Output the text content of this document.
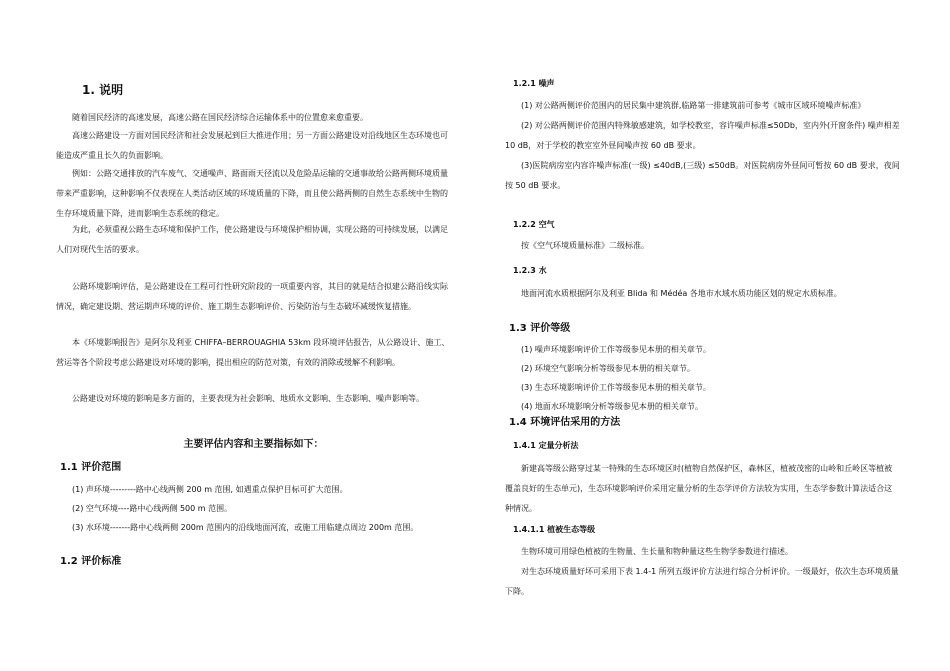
1. 说明

随着国民经济的高速发展，高速公路在国民经济综合运输体系中的位置愈来愈重要。

高速公路建设一方面对国民经济和社会发展起到巨大推进作用；另一方面公路建设对沿线地区生态环境也可能造成严重且长久的负面影响。

例如：公路交通排放的汽车废气、交通噪声、路面雨天径流以及危险品运输的交通事故给公路两侧环境质量带来严重影响，这种影响不仅表现在人类活动区域的环境质量的下降，而且使公路两侧的自然生态系统中生物的生存环境质量下降，进而影响生态系统的稳定。

为此，必须重视公路生态环境和保护工作，使公路建设与环境保护相协调，实现公路的可持续发展，以满足人们对现代生活的要求。

公路环境影响评估，是公路建设在工程可行性研究阶段的一项重要内容，其目的就是结合拟建公路沿线实际情况，确定建设期、营运期声环境的评价、施工期生态影响评价、污染防治与生态破坏减缓恢复措施。

本《环境影响报告》是阿尔及利亚 CHIFFA–BERROUAGHIA 53km 段环境评估报告，从公路设计、施工、营运等各个阶段考虑公路建设对环境的影响，提出相应的防范对策，有效的消除或缓解不利影响。

公路建设对环境的影响是多方面的，主要表现为社会影响、地质水文影响、生态影响、噪声影响等。

主要评估内容和主要指标如下：

1.1 评价范围

(1) 声环境---------路中心线两侧 200 m 范围, 如遇重点保护目标可扩大范围。

(2) 空气环境----路中心线两侧 500 m 范围。

(3) 水环境-------路中心线两侧 200m 范围内的沿线地面河流，或施工用临建点周边 200m 范围。

1.2 评价标准

1.2.1 噪声

(1) 对公路两侧评价范围内的居民集中建筑群,临路第一排建筑前可参考《城市区域环境噪声标准》

(2) 对公路两侧评价范围内特殊敏感建筑，如学校教室，容许噪声标准≤50Db，室内外(开窗条件) 噪声相差 10 dB，对于学校的教室室外昼间噪声按 60 dB 要求。

(3)医院病房室内容许噪声标准(一级) ≤40dB,(三级) ≤50dB。对医院病房外昼间可暂按 60 dB 要求，夜间按 50 dB 要求。

1.2.2 空气

按《空气环境质量标准》二级标准。

1.2.3 水

地面河流水质根据阿尔及利亚 Blida 和 Médéa 各地市水域水质功能区划的规定水质标准。

1.3 评价等级

(1) 噪声环境影响评价工作等级参见本册的相关章节。

(2) 环境空气影响分析等级参见本册的相关章节。

(3) 生态环境影响评价工作等级参见本册的相关章节。

(4) 地面水环境影响分析等级参见本册的相关章节。

1.4 环境评估采用的方法

1.4.1 定量分析法

新建高等级公路穿过某一特殊的生态环境区时(植物自然保护区，森林区，植被茂密的山岭和丘岭区等植被覆盖良好的生态单元)，生态环境影响评价采用定量分析的生态学评价方法较为实用，生态学参数计算法适合这种情况。

1.4.1.1 植被生态等级

生物环境可用绿色植被的生物量、生长量和物种量这些生物学参数进行描述。

对生态环境质量好坏可采用下表 1.4-1 所列五级评价方法进行综合分析评价。一级最好，依次生态环境质量下降。
